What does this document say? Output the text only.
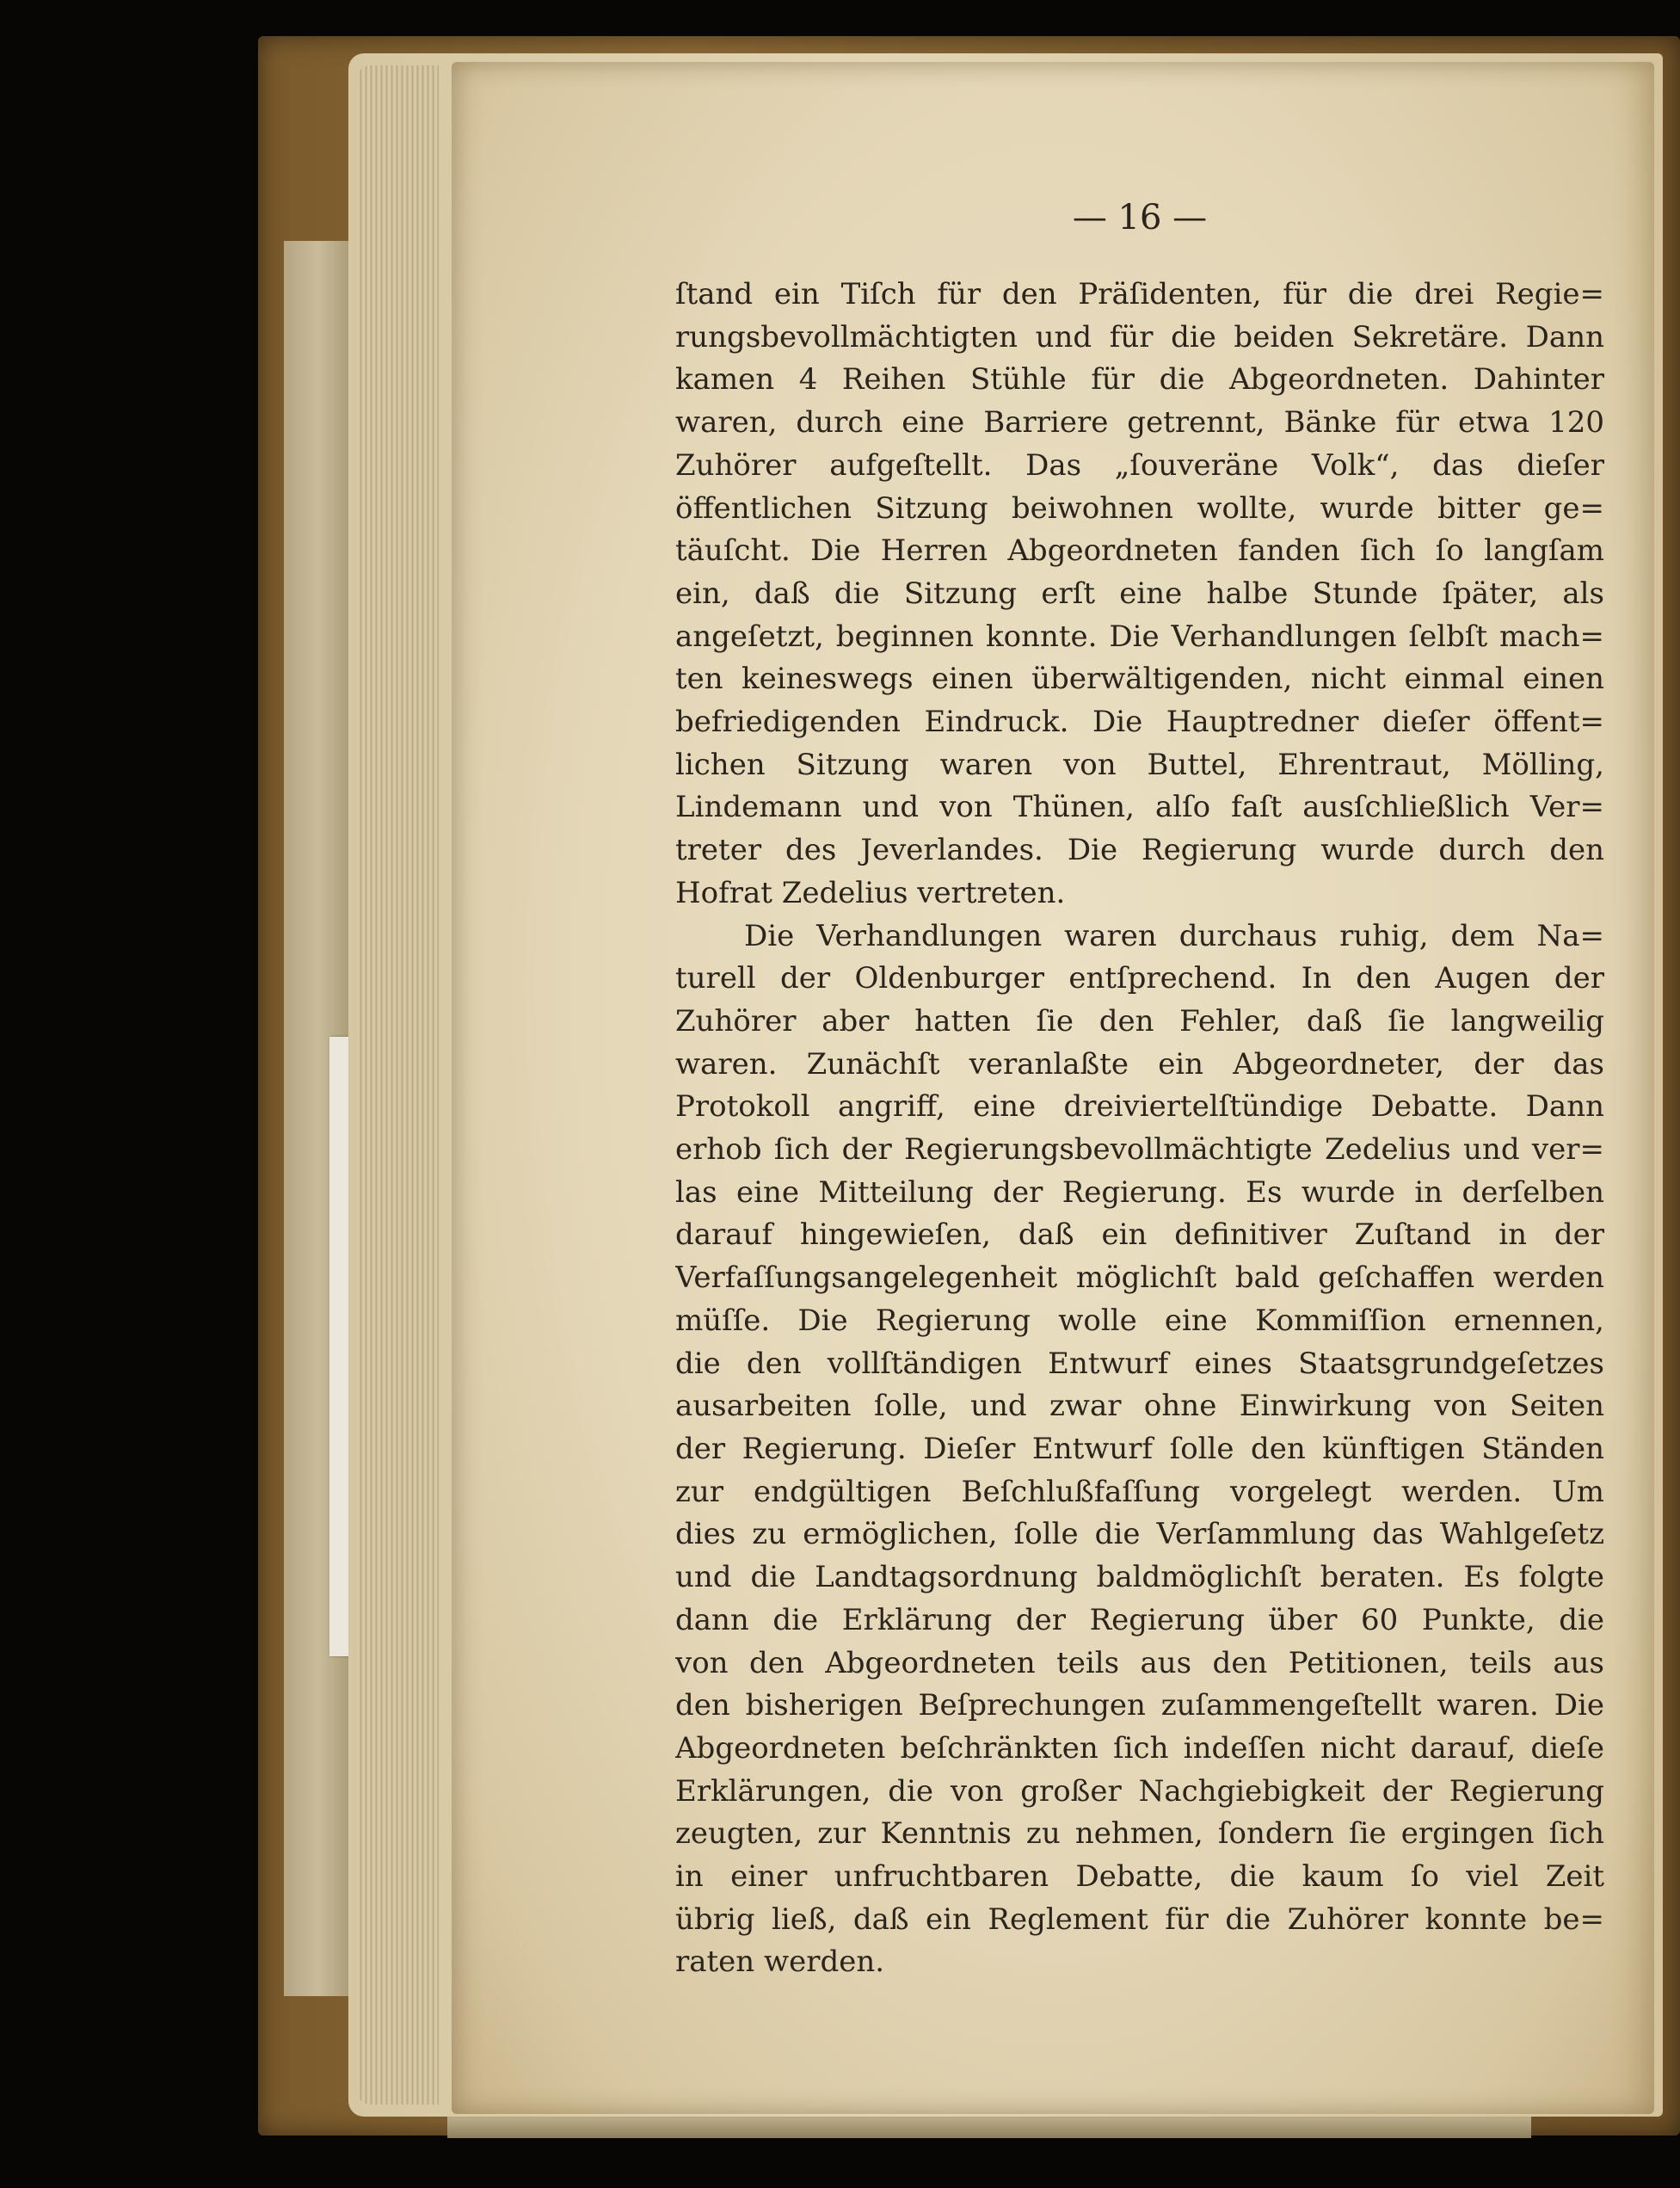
— 16 —
ſtand ein Tiſch für den Präſidenten, für die drei Regie=
rungsbevollmächtigten und für die beiden Sekretäre. Dann
kamen 4 Reihen Stühle für die Abgeordneten. Dahinter
waren, durch eine Barriere getrennt, Bänke für etwa 120
Zuhörer aufgeſtellt. Das „ſouveräne Volk“, das dieſer
öffentlichen Sitzung beiwohnen wollte, wurde bitter ge=
täuſcht. Die Herren Abgeordneten fanden ſich ſo langſam
ein, daß die Sitzung erſt eine halbe Stunde ſpäter, als
angeſetzt, beginnen konnte. Die Verhandlungen ſelbſt mach=
ten keineswegs einen überwältigenden, nicht einmal einen
befriedigenden Eindruck. Die Hauptredner dieſer öffent=
lichen Sitzung waren von Buttel, Ehrentraut, Mölling,
Lindemann und von Thünen, alſo faſt ausſchließlich Ver=
treter des Jeverlandes. Die Regierung wurde durch den
Hofrat Zedelius vertreten.
Die Verhandlungen waren durchaus ruhig, dem Na=
turell der Oldenburger entſprechend. In den Augen der
Zuhörer aber hatten ſie den Fehler, daß ſie langweilig
waren. Zunächſt veranlaßte ein Abgeordneter, der das
Protokoll angriff, eine dreiviertelſtündige Debatte. Dann
erhob ſich der Regierungsbevollmächtigte Zedelius und ver=
las eine Mitteilung der Regierung. Es wurde in derſelben
darauf hingewieſen, daß ein definitiver Zuſtand in der
Verfaſſungsangelegenheit möglichſt bald geſchaffen werden
müſſe. Die Regierung wolle eine Kommiſſion ernennen,
die den vollſtändigen Entwurf eines Staatsgrundgeſetzes
ausarbeiten ſolle, und zwar ohne Einwirkung von Seiten
der Regierung. Dieſer Entwurf ſolle den künftigen Ständen
zur endgültigen Beſchlußfaſſung vorgelegt werden. Um
dies zu ermöglichen, ſolle die Verſammlung das Wahlgeſetz
und die Landtagsordnung baldmöglichſt beraten. Es folgte
dann die Erklärung der Regierung über 60 Punkte, die
von den Abgeordneten teils aus den Petitionen, teils aus
den bisherigen Beſprechungen zuſammengeſtellt waren. Die
Abgeordneten beſchränkten ſich indeſſen nicht darauf, dieſe
Erklärungen, die von großer Nachgiebigkeit der Regierung
zeugten, zur Kenntnis zu nehmen, ſondern ſie ergingen ſich
in einer unfruchtbaren Debatte, die kaum ſo viel Zeit
übrig ließ, daß ein Reglement für die Zuhörer konnte be=
raten werden.
